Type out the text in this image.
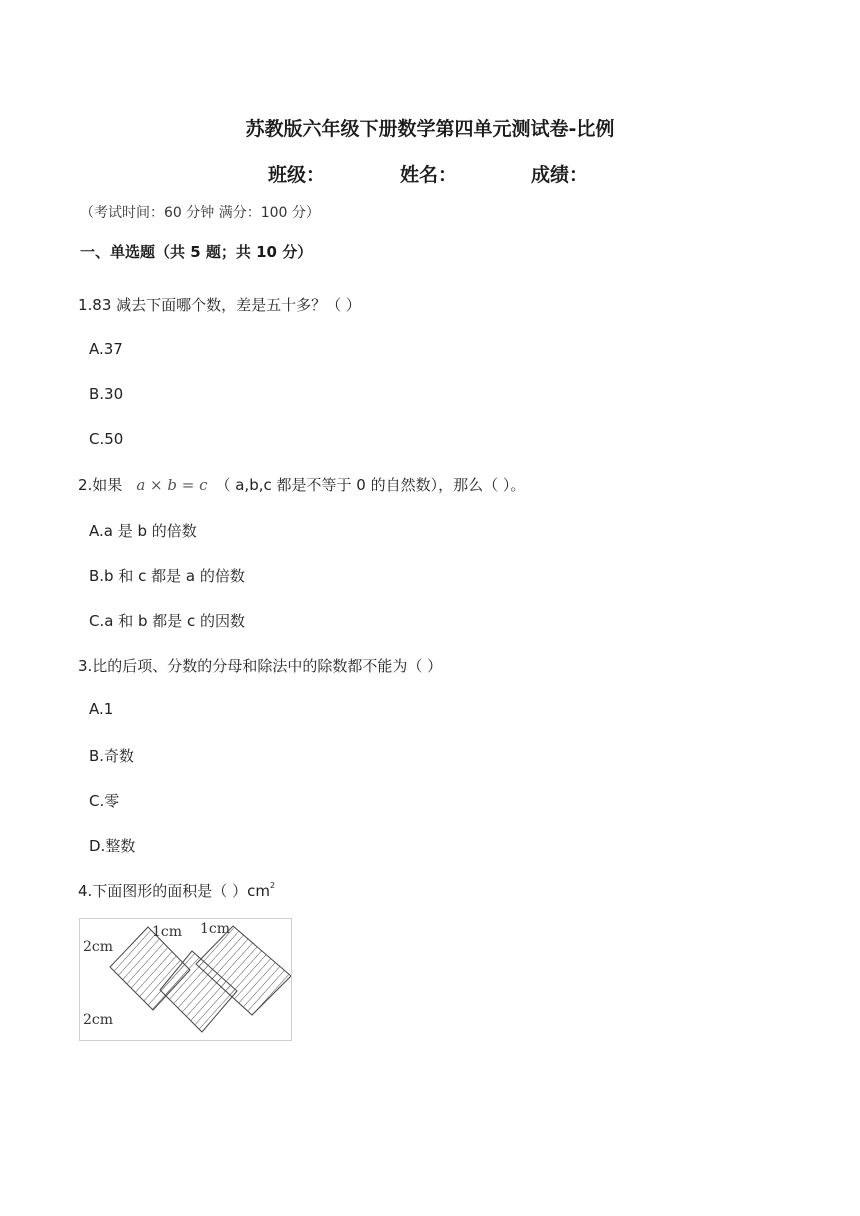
苏教版六年级下册数学第四单元测试卷-比例
班级：	姓名：	成绩：
（考试时间：60 分钟 满分：100 分）
一、单选题（共 5 题；共 10 分）
1.83 减去下面哪个数，差是五十多？（ ）
A.37
B.30
C.50
2.如果 a × b = c （ a,b,c 都是不等于 0 的自然数），那么（ ）。
A.a 是 b 的倍数
B.b 和 c 都是 a 的倍数
C.a 和 b 都是 c 的因数
3.比的后项、分数的分母和除法中的除数都不能为（ ）
A.1
B.奇数
C.零
D.整数
4.下面图形的面积是（ ）$cm^2$
1cm 1cm
2cm
2cm
